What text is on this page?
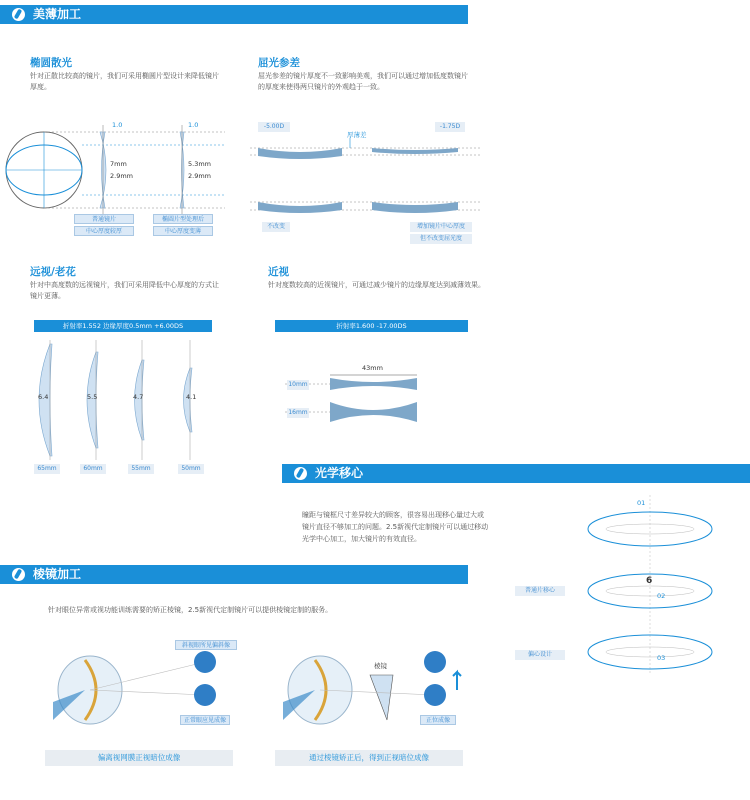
美薄加工
椭圆散光
针对正散比较高的镜片，我们可采用椭圆片型设计来降低镜片
厚度。
1.0	1.0
7mm
2.9mm
5.3mm
2.9mm
普通镜片
中心厚度较厚
椭圆片型处理后
中心厚度变薄
屈光参差
屈光参差的镜片厚度不一致影响美观，我们可以通过增加低度数镜片
的厚度来使得两只镜片的外观趋于一致。
-5.00D	-1.75D
厚薄差
不改变	增加镜片中心厚度
但不改变屈光度
远视/老花
针对中高度数的远视镜片，我们可采用降低中心厚度的方式让
镜片更薄。
折射率1.552 边缘厚度0.5mm +6.00DS
6.4	5.5	4.7	4.1
65mm	60mm	55mm	50mm
近视
针对度数较高的近视镜片，可通过减少镜片的边缘厚度达到减薄效果。
折射率1.600 -17.00DS
43mm
10mm
16mm
光学移心
瞳距与镜框尺寸差异较大的顾客，很容易出现移心量过大或
镜片直径不够加工的问题。2.5新视代定制镜片可以通过移动
光学中心加工，加大镜片的有效直径。
01
6
02
03
普通片移心
偏心设计
棱镜加工
针对眼位异常或视功能训练需要的矫正棱镜，2.5新视代定制镜片可以提供棱镜定制的服务。
斜视眼所见偏斜像
正常眼应见成像
偏离视网膜正视暗位成像
棱镜
正位成像
通过棱镜矫正后，得到正视暗位成像
